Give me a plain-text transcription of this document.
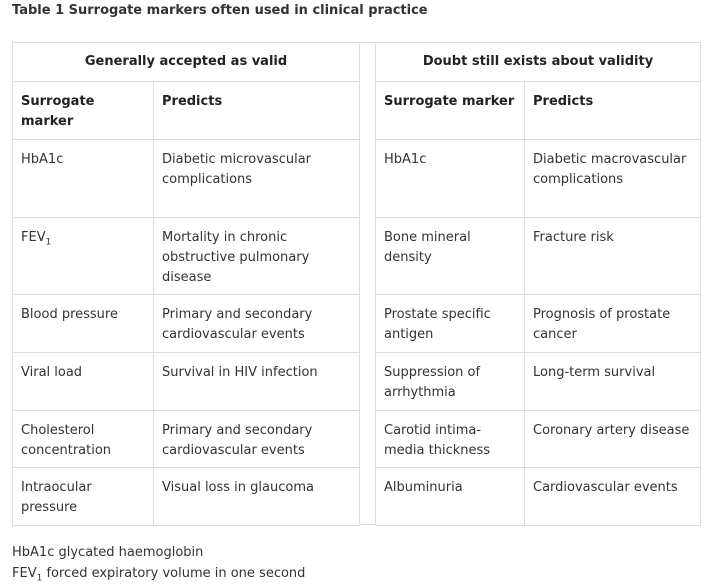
Table 1 Surrogate markers often used in clinical practice
Generally accepted as valid	
Surrogate marker	Predicts
HbA1c	Diabetic microvascular complications
$FEV_1$	Mortality in chronic obstructive pulmonary disease
Blood pressure	Primary and secondary cardiovascular events
Viral load	Survival in HIV infection
Cholesterol concentration	Primary and secondary cardiovascular events
Intraocular pressure	Visual loss in glaucoma
Doubt still exists about validity	
Surrogate marker	Predicts
HbA1c	Diabetic macrovascular complications
Bone mineral density	Fracture risk
Prostate specific antigen	Prognosis of prostate cancer
Suppression of arrhythmia	Long-term survival
Carotid intima-media thickness	Coronary artery disease
Albuminuria	Cardiovascular events
HbA1c glycated haemoglobin
$FEV_1$ forced expiratory volume in one second
